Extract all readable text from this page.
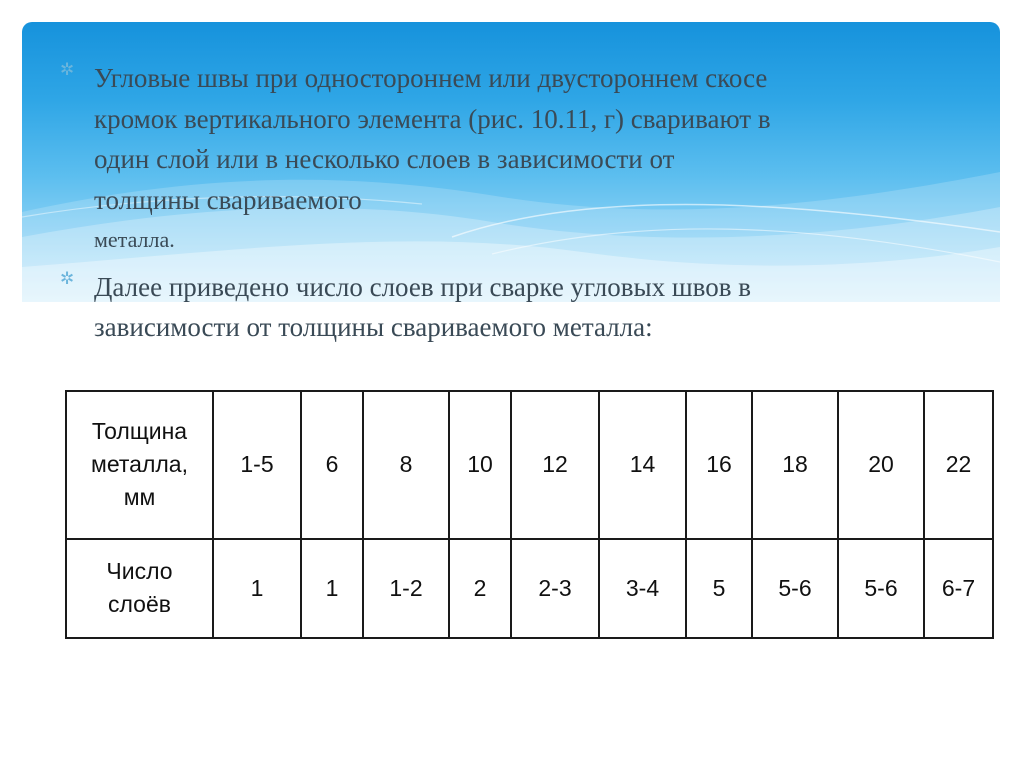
✲ Угловые швы при одностороннем или двустороннем скосе
кромок вертикального элемента (рис. 10.11, г) сваривают в
один слой или в несколько слоев в зависимости от
толщины свариваемого
металла.
✲ Далее приведено число слоев при сварке угловых швов в
зависимости от толщины свариваемого металла:
Толщина
металла,
мм	1-5	6	8	10	12	14	16	18	20	22

Число
слоёв	1	1	1-2	2	2-3	3-4	5	5-6	5-6	6-7
